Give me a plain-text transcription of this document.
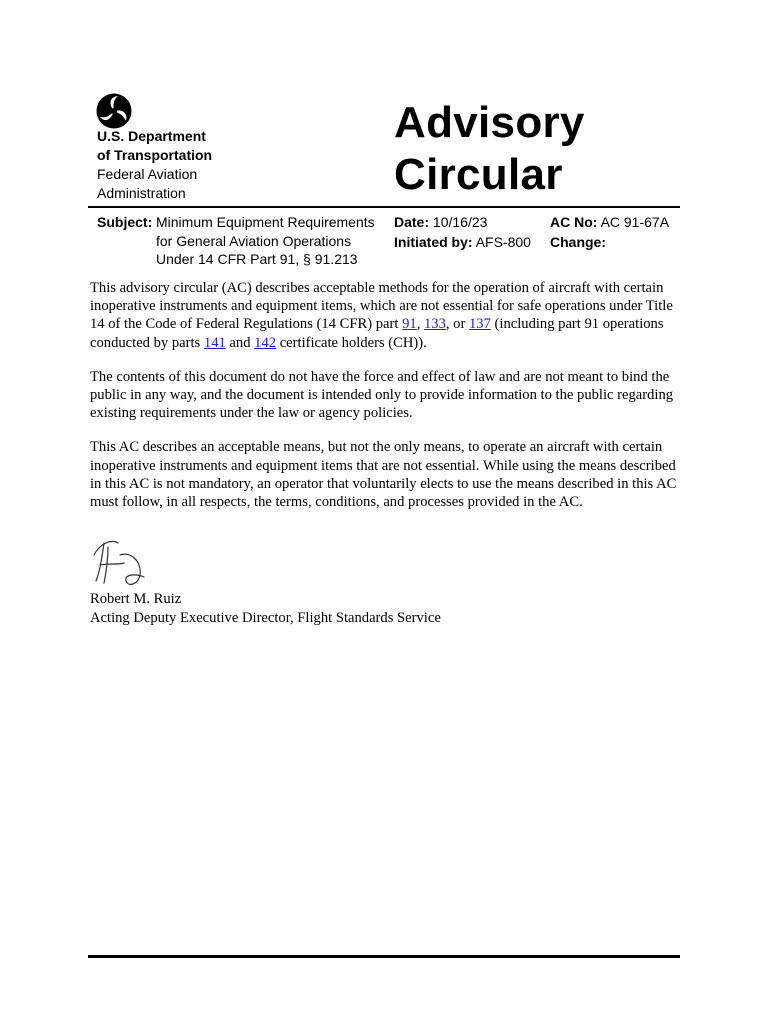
U.S. Department
of Transportation
Federal Aviation
Administration
Advisory
Circular
Subject: Minimum Equipment Requirements
for General Aviation Operations
Under 14 CFR Part 91, § 91.213
Date: 10/16/23
Initiated by: AFS-800
AC No: AC 91-67A
Change:

This advisory circular (AC) describes acceptable methods for the operation of aircraft with certain inoperative instruments and equipment items, which are not essential for safe operations under Title 14 of the Code of Federal Regulations (14 CFR) part 91, 133, or 137 (including part 91 operations conducted by parts 141 and 142 certificate holders (CH)).

The contents of this document do not have the force and effect of law and are not meant to bind the public in any way, and the document is intended only to provide information to the public regarding existing requirements under the law or agency policies.

This AC describes an acceptable means, but not the only means, to operate an aircraft with certain inoperative instruments and equipment items that are not essential. While using the means described in this AC is not mandatory, an operator that voluntarily elects to use the means described in this AC must follow, in all respects, the terms, conditions, and processes provided in the AC.

Robert M. Ruiz
Acting Deputy Executive Director, Flight Standards Service
